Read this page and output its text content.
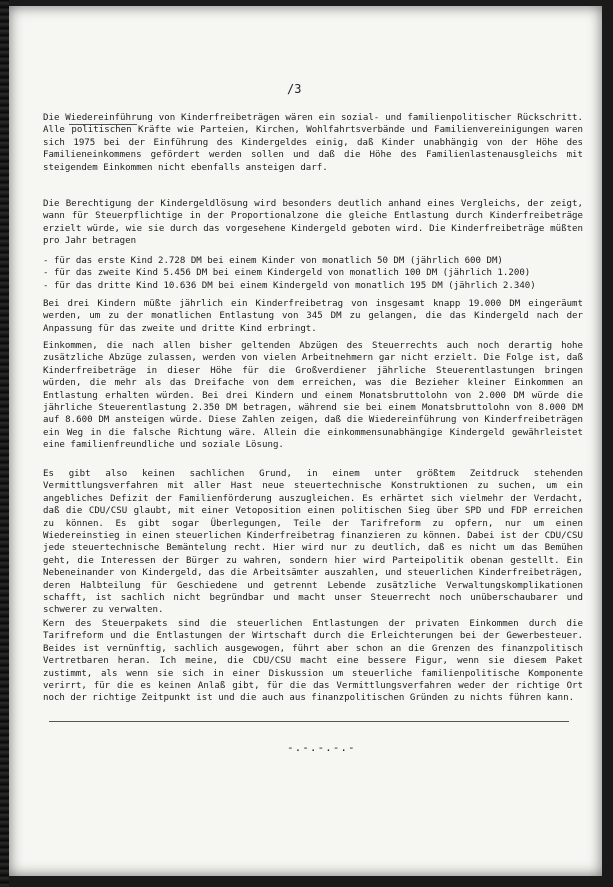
/3
Die Wiedereinführung von Kinderfreibeträgen wären ein sozial- und familienpolitischer Rückschritt. Alle politischen Kräfte wie Parteien, Kirchen, Wohlfahrtsverbände und Familienvereinigungen waren sich 1975 bei der Einführung des Kindergeldes einig, daß Kinder unabhängig von der Höhe des Familieneinkommens gefördert werden sollen und daß die Höhe des Familienlastenausgleichs mit steigendem Einkommen nicht ebenfalls ansteigen darf.
Die Berechtigung der Kindergeldlösung wird besonders deutlich anhand eines Vergleichs, der zeigt, wann für Steuerpflichtige in der Proportionalzone die gleiche Entlastung durch Kinderfreibeträge erzielt würde, wie sie durch das vorgesehene Kindergeld geboten wird. Die Kinderfreibeträge müßten pro Jahr betragen
- für das erste Kind 2.728 DM bei einem Kinder von monatlich 50 DM (jährlich 600 DM)
- für das zweite Kind 5.456 DM bei einem Kindergeld von monatlich 100 DM (jährlich 1.200)
- für das dritte Kind 10.636 DM bei einem Kindergeld von monatlich 195 DM (jährlich 2.340)
Bei drei Kindern müßte jährlich ein Kinderfreibetrag von insgesamt knapp 19.000 DM eingeräumt werden, um zu der monatlichen Entlastung von 345 DM zu gelangen, die das Kindergeld nach der Anpassung für das zweite und dritte Kind erbringt.
Einkommen, die nach allen bisher geltenden Abzügen des Steuerrechts auch noch derartig hohe zusätzliche Abzüge zulassen, werden von vielen Arbeitnehmern gar nicht erzielt. Die Folge ist, daß Kinderfreibeträge in dieser Höhe für die Großverdiener jährliche Steuerentlastungen bringen würden, die mehr als das Dreifache von dem erreichen, was die Bezieher kleiner Einkommen an Entlastung erhalten würden. Bei drei Kindern und einem Monatsbruttolohn von 2.000 DM würde die jährliche Steuerentlastung 2.350 DM betragen, während sie bei einem Monatsbruttolohn von 8.000 DM auf 8.600 DM ansteigen würde. Diese Zahlen zeigen, daß die Wiedereinführung von Kinderfreibeträgen ein Weg in die falsche Richtung wäre. Allein die einkommensunabhängige Kindergeld gewährleistet eine familienfreundliche und soziale Lösung.
Es gibt also keinen sachlichen Grund, in einem unter größtem Zeitdruck stehenden Vermittlungsverfahren mit aller Hast neue steuertechnische Konstruktionen zu suchen, um ein angebliches Defizit der Familienförderung auszugleichen. Es erhärtet sich vielmehr der Verdacht, daß die CDU/CSU glaubt, mit einer Vetoposition einen politischen Sieg über SPD und FDP erreichen zu können. Es gibt sogar Überlegungen, Teile der Tarifreform zu opfern, nur um einen Wiedereinstieg in einen steuerlichen Kinderfreibetrag finanzieren zu können. Dabei ist der CDU/CSU jede steuertechnische Bemäntelung recht. Hier wird nur zu deutlich, daß es nicht um das Bemühen geht, die Interessen der Bürger zu wahren, sondern hier wird Parteipolitik obenan gestellt. Ein Nebeneinander von Kindergeld, das die Arbeitsämter auszahlen, und steuerlichen Kinderfreibeträgen, deren Halbteilung für Geschiedene und getrennt Lebende zusätzliche Verwaltungskomplikationen schafft, ist sachlich nicht begründbar und macht unser Steuerrecht noch unüberschaubarer und schwerer zu verwalten.
Kern des Steuerpakets sind die steuerlichen Entlastungen der privaten Einkommen durch die Tarifreform und die Entlastungen der Wirtschaft durch die Erleichterungen bei der Gewerbesteuer. Beides ist vernünftig, sachlich ausgewogen, führt aber schon an die Grenzen des finanzpolitisch Vertretbaren heran. Ich meine, die CDU/CSU macht eine bessere Figur, wenn sie diesem Paket zustimmt, als wenn sie sich in einer Diskussion um steuerliche familienpolitische Komponente verirrt, für die es keinen Anlaß gibt, für die das Vermittlungsverfahren weder der richtige Ort noch der richtige Zeitpunkt ist und die auch aus finanzpolitischen Gründen zu nichts führen kann.
-.-.-.-.-
